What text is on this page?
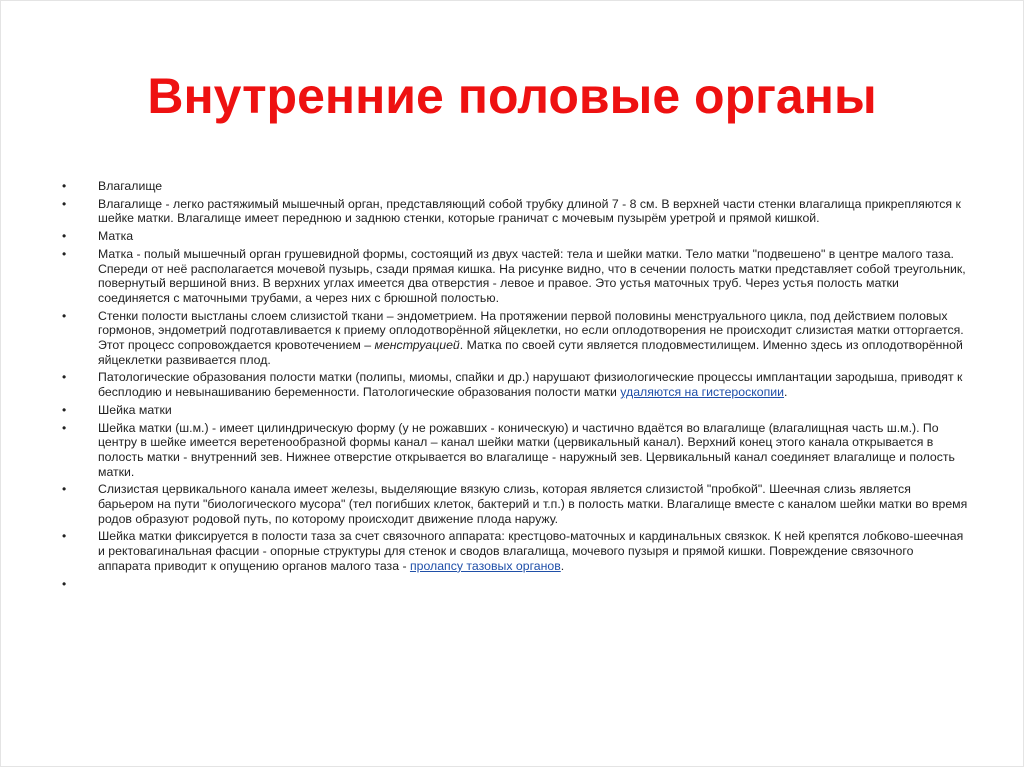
Внутренние половые органы
• Влагалище
• Влагалище - легко растяжимый мышечный орган, представляющий собой трубку длиной 7 - 8 см. В верхней части стенки влагалища прикрепляются к шейке матки. Влагалище имеет переднюю и заднюю стенки, которые граничат с мочевым пузырём уретрой и прямой кишкой.
• Матка
• Матка - полый мышечный орган грушевидной формы, состоящий из двух частей: тела и шейки матки. Тело матки "подвешено" в центре малого таза. Спереди от неё располагается мочевой пузырь, сзади прямая кишка. На рисунке видно, что в сечении полость матки представляет собой треугольник, повернутый вершиной вниз. В верхних углах имеется два отверстия - левое и правое. Это устья маточных труб. Через устья полость матки соединяется с маточными трубами, а через них с брюшной полостью.
• Стенки полости выстланы слоем слизистой ткани – эндометрием. На протяжении первой половины менструального цикла, под действием половых гормонов, эндометрий подготавливается к приему оплодотворённой яйцеклетки, но если оплодотворения не происходит слизистая матки отторгается. Этот процесс сопровождается кровотечением – менструацией. Матка по своей сути является плодовместилищем. Именно здесь из оплодотворённой яйцеклетки развивается плод.
• Патологические образования полости матки (полипы, миомы, спайки и др.) нарушают физиологические процессы имплантации зародыша, приводят к бесплодию и невынашиванию беременности. Патологические образования полости матки удаляются на гистероскопии.
• Шейка матки
• Шейка матки (ш.м.) - имеет цилиндрическую форму (у не рожавших - коническую) и частично вдаётся во влагалище (влагалищная часть ш.м.). По центру в шейке имеется веретенообразной формы канал – канал шейки матки (цервикальный канал). Верхний конец этого канала открывается в полость матки - внутренний зев. Нижнее отверстие открывается во влагалище - наружный зев. Цервикальный канал соединяет влагалище и полость матки.
• Слизистая цервикального канала имеет железы, выделяющие вязкую слизь, которая является слизистой "пробкой". Шеечная слизь является барьером на пути "биологического мусора" (тел погибших клеток, бактерий и т.п.) в полость матки. Влагалище вместе с каналом шейки матки во время родов образуют родовой путь, по которому происходит движение плода наружу.
• Шейка матки фиксируется в полости таза за счет связочного аппарата: крестцово-маточных и кардинальных связкок. К ней крепятся лобково-шеечная и ректовагинальная фасции - опорные структуры для стенок и сводов влагалища, мочевого пузыря и прямой кишки. Повреждение связочного аппарата приводит к опущению органов малого таза - пролапсу тазовых органов.
•
